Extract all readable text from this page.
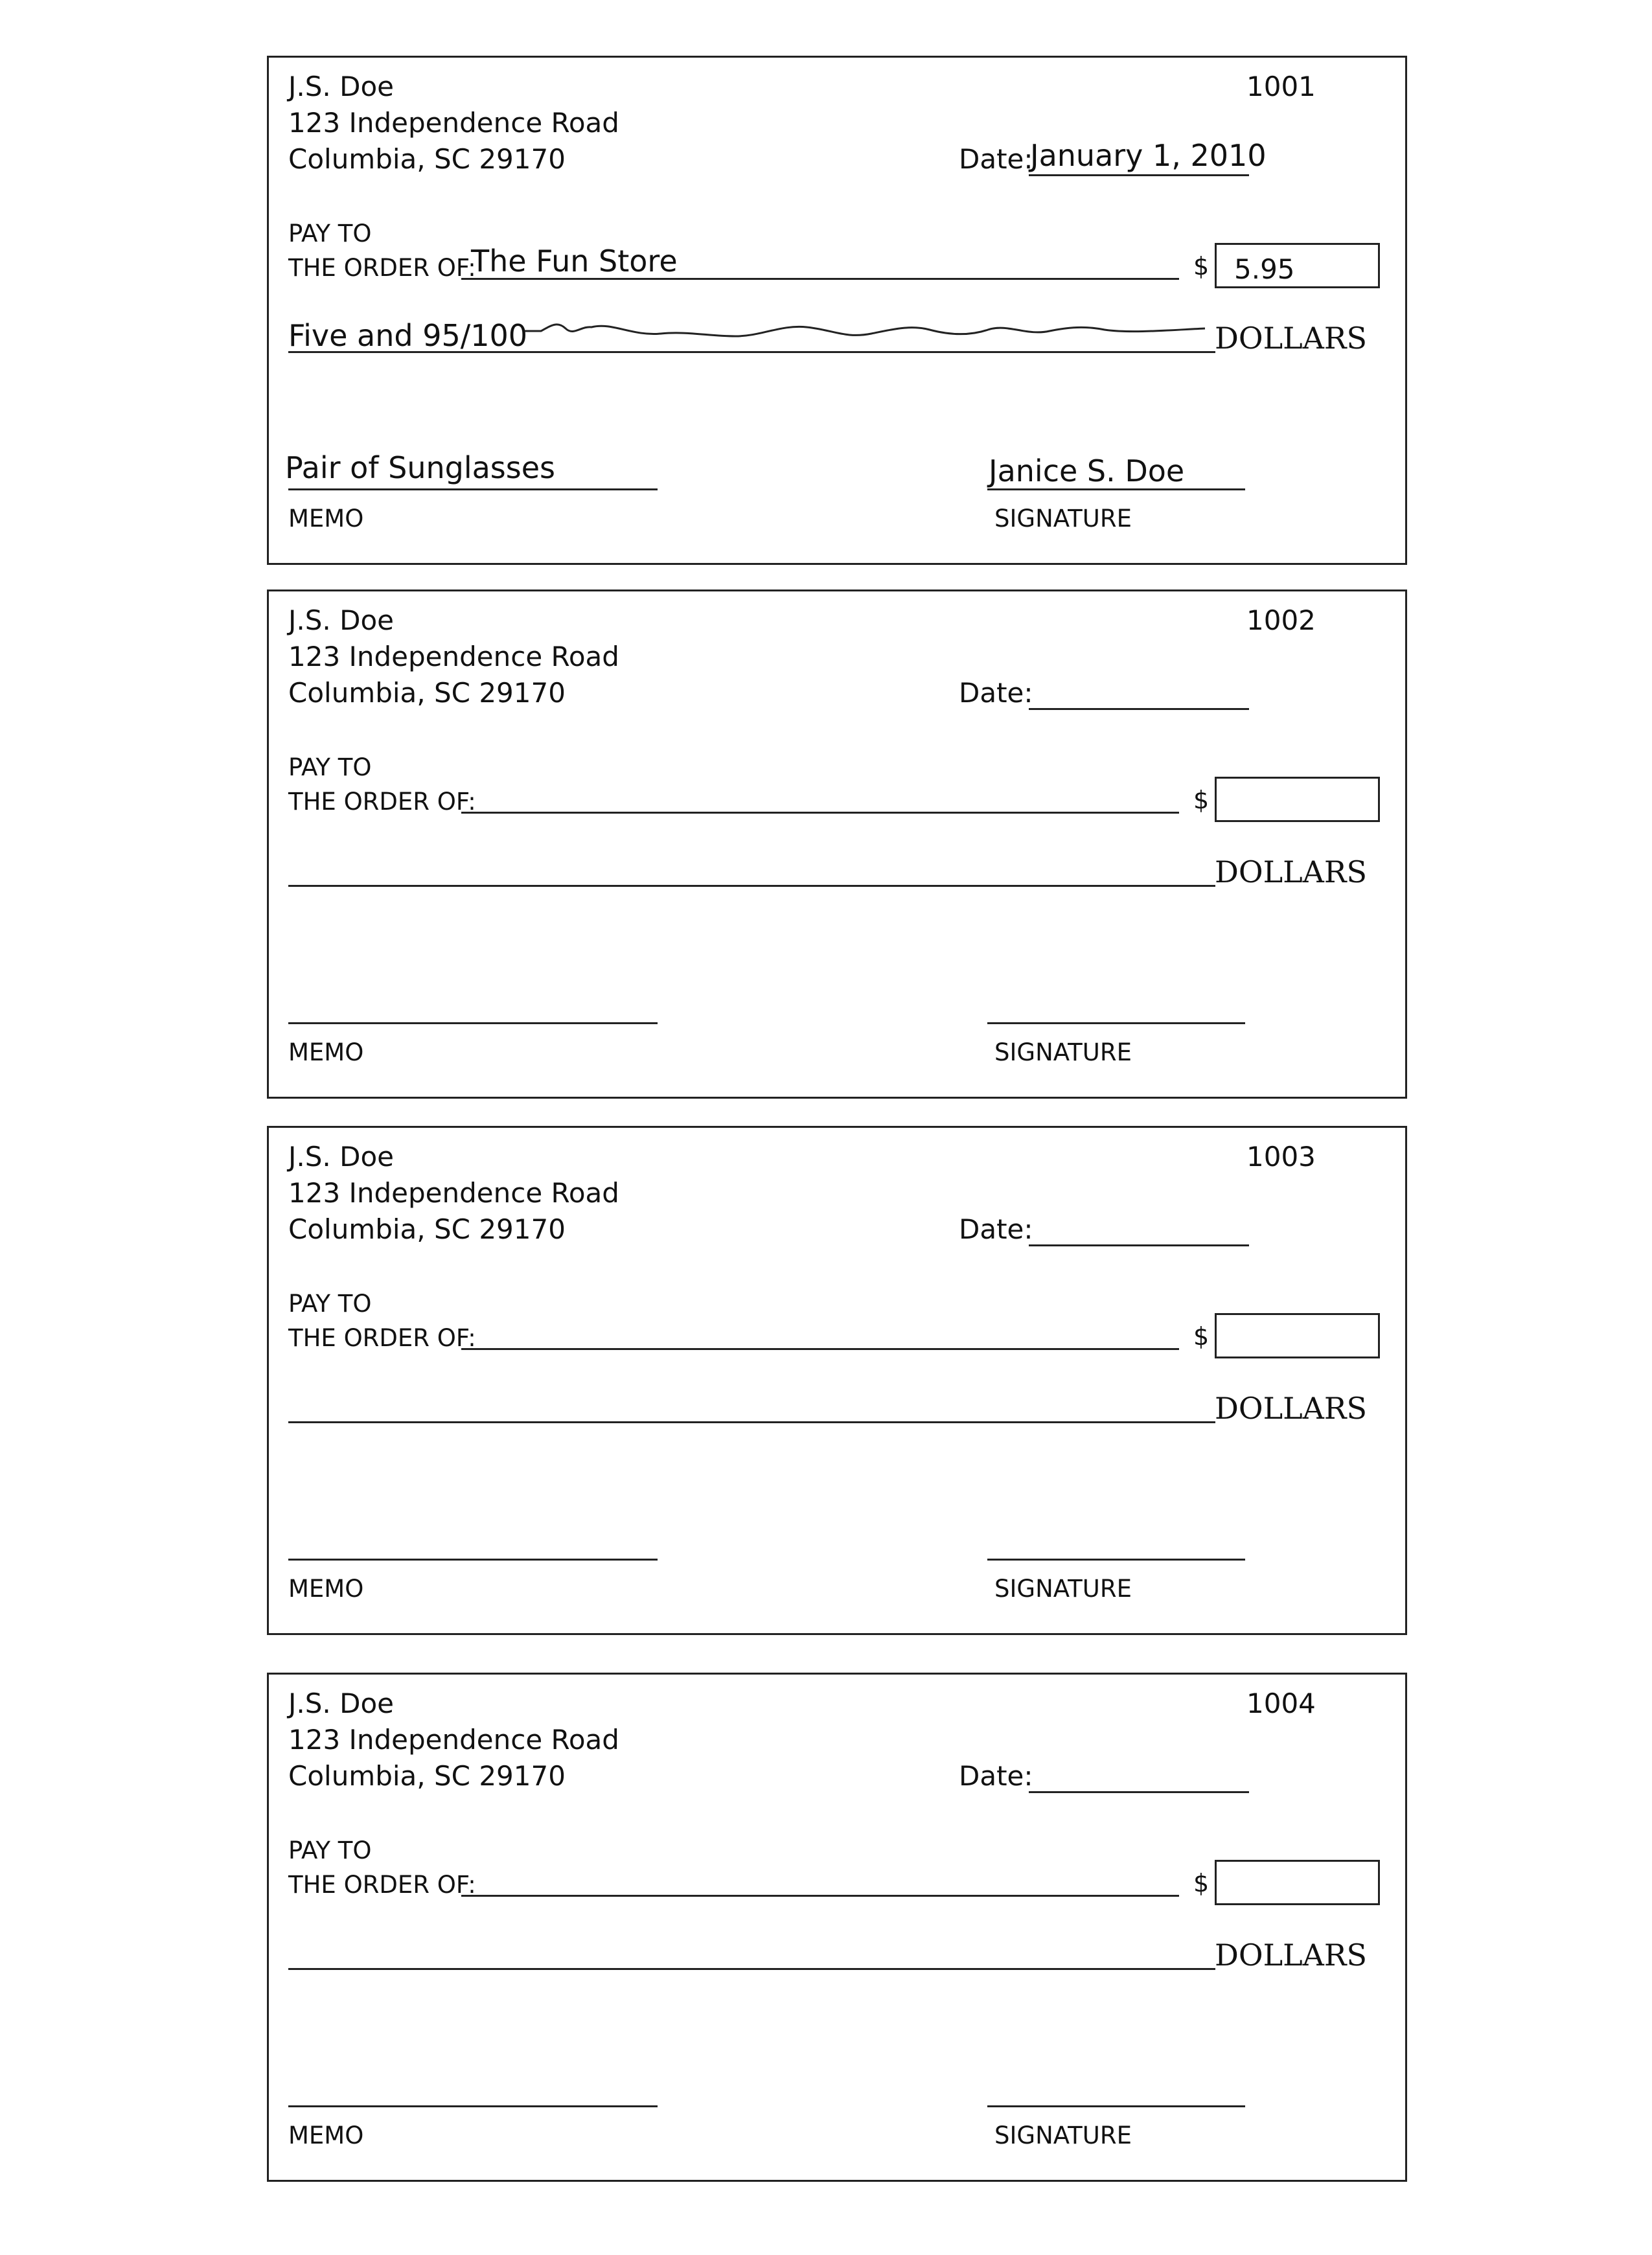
J.S. Doe
123 Independence Road
Columbia, SC 29170
1001
Date:
January 1, 2010
PAY TO
THE ORDER OF:
The Fun Store	$ 5.95
Five and 95/100	DOLLARS
Pair of Sunglasses
MEMO
Janice S. Doe
SIGNATURE
J.S. Doe
123 Independence Road
Columbia, SC 29170
1002
Date:
PAY TO
THE ORDER OF:	$
DOLLARS
MEMO	SIGNATURE
J.S. Doe
123 Independence Road
Columbia, SC 29170
1003
Date:
PAY TO
THE ORDER OF:	$
DOLLARS
MEMO	SIGNATURE
J.S. Doe
123 Independence Road
Columbia, SC 29170
1004
Date:
PAY TO
THE ORDER OF:	$
DOLLARS
MEMO	SIGNATURE
